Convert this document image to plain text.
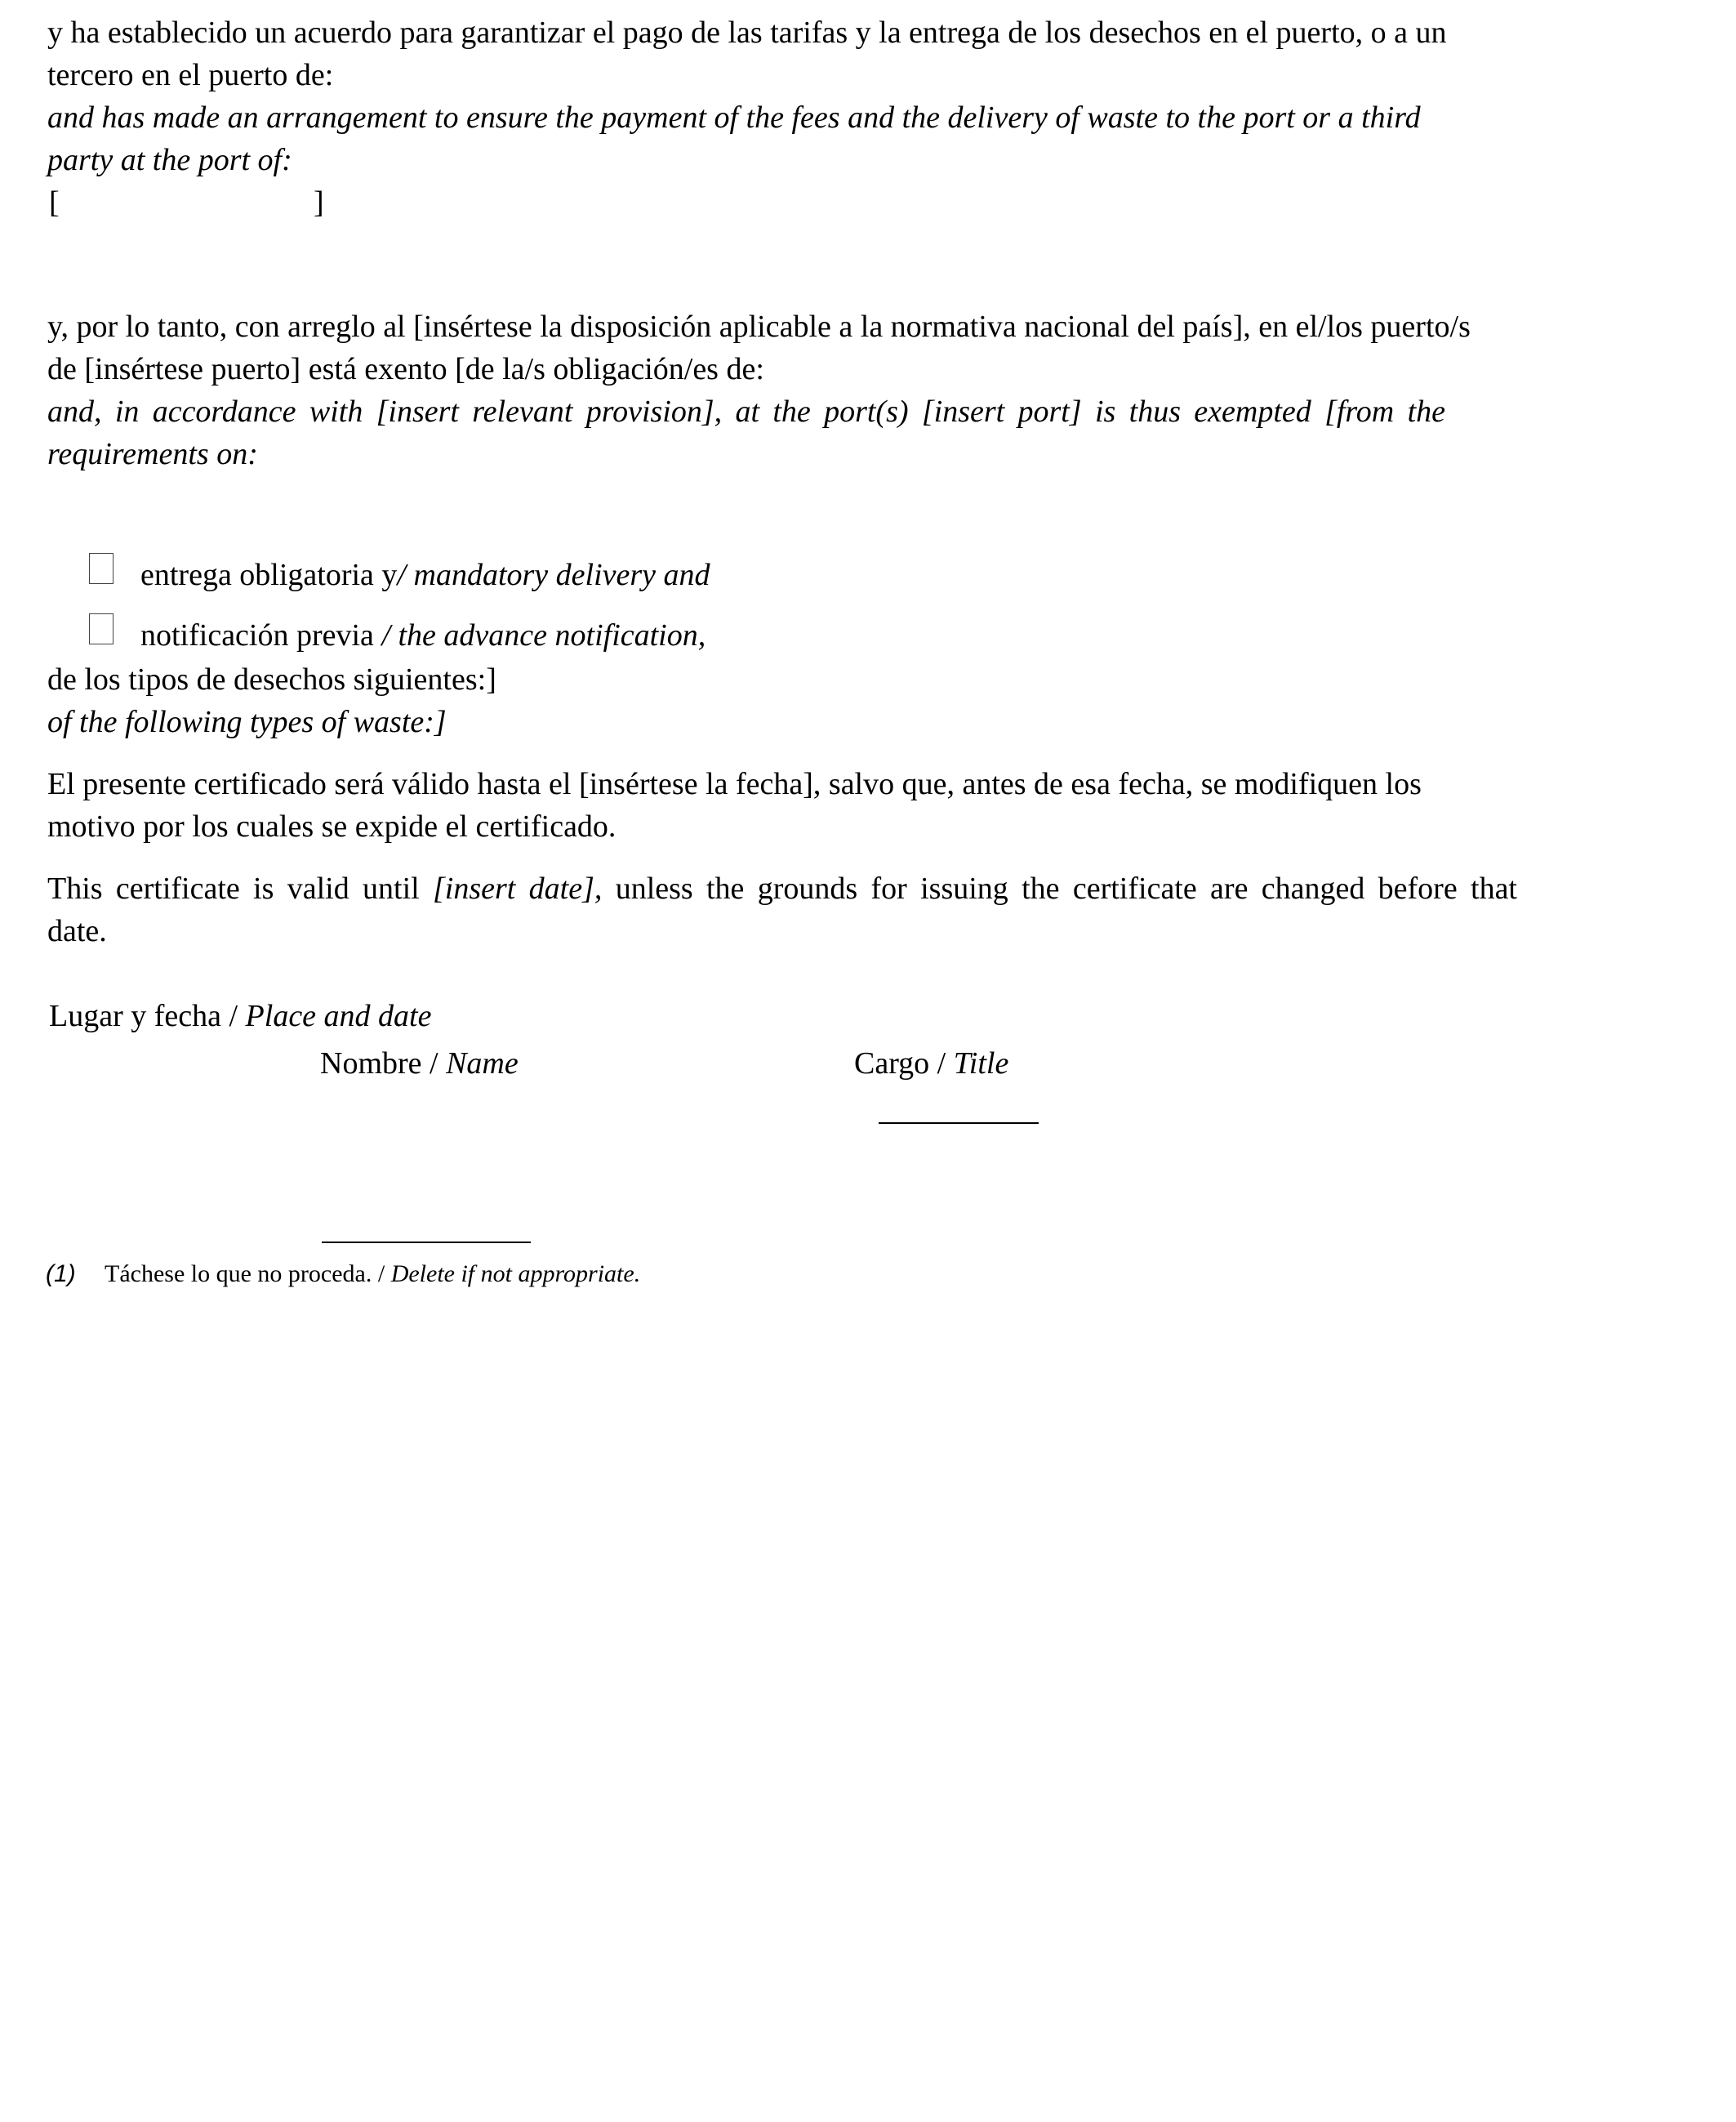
y ha establecido un acuerdo para garantizar el pago de las tarifas y la entrega de los desechos en el puerto, o a un
tercero en el puerto de:
and has made an arrangement to ensure the payment of the fees and the delivery of waste to the port or a third
party at the port of:
[	]
y, por lo tanto, con arreglo al [insértese la disposición aplicable a la normativa nacional del país], en el/los puerto/s
de [insértese puerto] está exento [de la/s obligación/es de:
and, in accordance with [insert relevant provision], at the port(s) [insert port] is thus exempted [from the
requirements on:
entrega obligatoria y/ mandatory delivery and
notificación previa / the advance notification,
de los tipos de desechos siguientes:]
of the following types of waste:]
El presente certificado será válido hasta el [insértese la fecha], salvo que, antes de esa fecha, se modifiquen los
motivo por los cuales se expide el certificado.
This certificate is valid until [insert date], unless the grounds for issuing the certificate are changed before that
date.
Lugar y fecha / Place and date
Nombre / Name	Cargo / Title
(1) Táchese lo que no proceda. / Delete if not appropriate.
